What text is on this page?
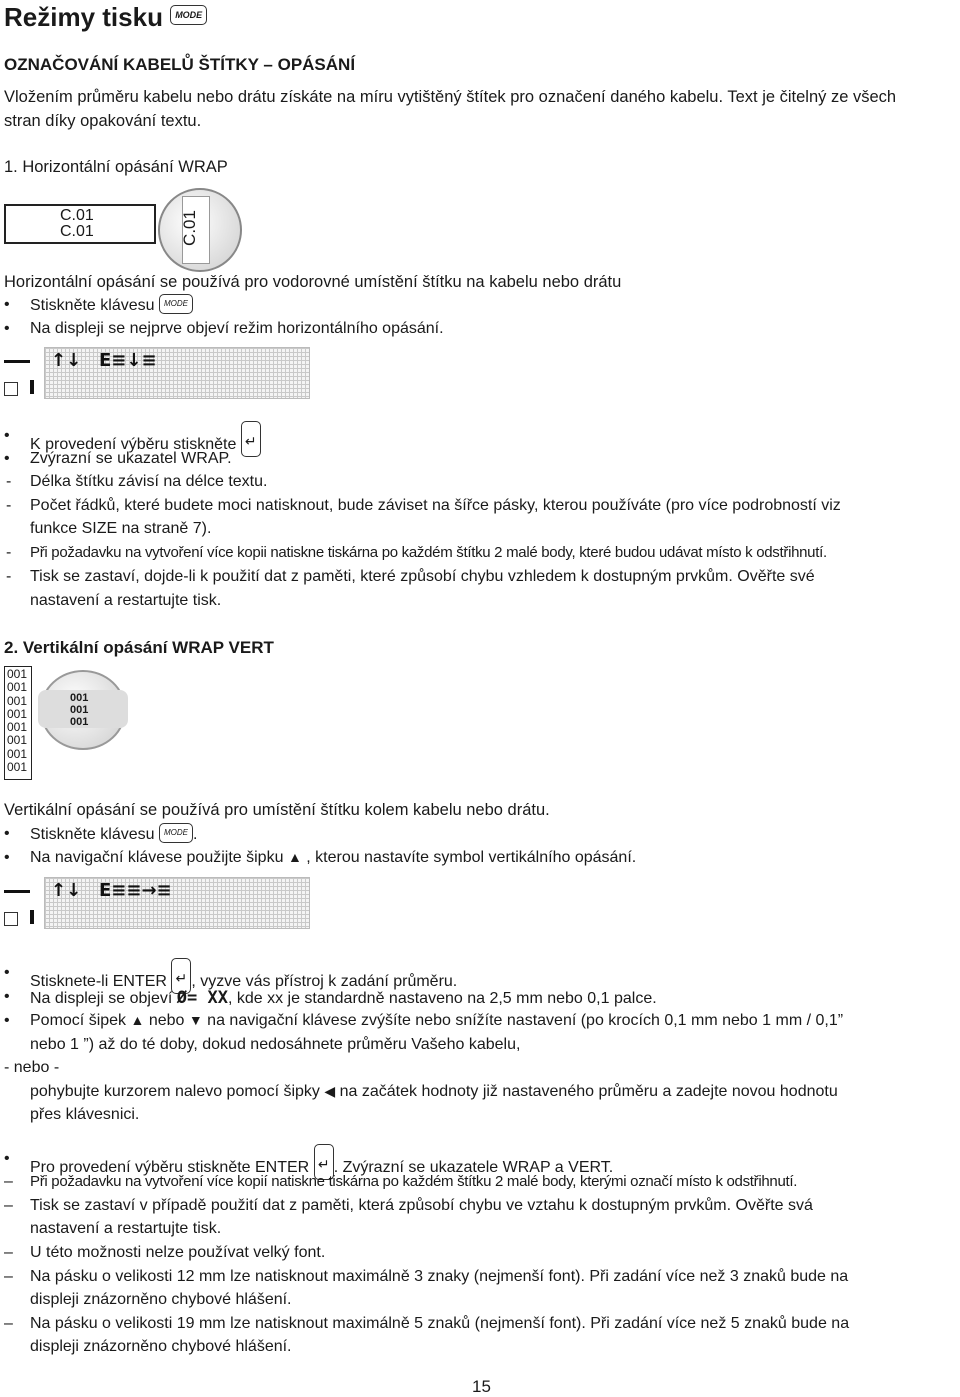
Režimy tisku MODE
OZNAČOVÁNÍ KABELŮ ŠTÍTKY – OPÁSÁNÍ
Vložením průměru kabelu nebo drátu získáte na míru vytištěný štítek pro označení daného kabelu. Text je čitelný ze všech
stran díky opakování textu.
1. Horizontální opásání WRAP
C.01
C.01	C.01
Horizontální opásání se používá pro vodorovné umístění štítku na kabelu nebo drátu
• Stiskněte klávesu MODE
• Na displeji se nejprve objeví režim horizontálního opásání.
↑↓ E≡↓≡
•
K provedení výběru stiskněte ↵
• Zvýrazní se ukazatel WRAP.
- Délka štítku závisí na délce textu.
- Počet řádků, které budete moci natisknout, bude záviset na šířce pásky, kterou používáte (pro více podrobností viz
funkce SIZE na straně 7).
- Při požadavku na vytvoření více kopii natiskne tiskárna po každém štítku 2 malé body, které budou udávat místo k odstřihnutí.
- Tisk se zastaví, dojde-li k použití dat z paměti, které způsobí chybu vzhledem k dostupným prvkům. Ověřte své
nastavení a restartujte tisk.
2. Vertikální opásání WRAP VERT
001
001
001
001
001
001
001
001
001
001
001
Vertikální opásání se používá pro umístění štítku kolem kabelu nebo drátu.
• Stiskněte klávesu MODE .
• Na navigační klávese použijte šipku ▲ , kterou nastavíte symbol vertikálního opásání.
↑↓ E≡≡→≡
•
Stisknete-li ENTER ↵ , vyzve vás přístroj k zadání průměru.
• Na displeji se objeví Ø= XX, kde xx je standardně nastaveno na 2,5 mm nebo 0,1 palce.
• Pomocí šipek ▲ nebo ▼ na navigační klávese zvýšíte nebo snížíte nastavení (po krocích 0,1 mm nebo 1 mm / 0,1”
nebo 1 ”) až do té doby, dokud nedosáhnete průměru Vašeho kabelu,
- nebo -
pohybujte kurzorem nalevo pomocí šipky ◀ na začátek hodnoty již nastaveného průměru a zadejte novou hodnotu
přes klávesnici.
•
Pro provedení výběru stiskněte ENTER ↵ . Zvýrazní se ukazatele WRAP a VERT.
– Při požadavku na vytvoření více kopií natiskne tiskárna po každém štítku 2 malé body, kterými označí místo k odstřihnutí.
– Tisk se zastaví v případě použití dat z paměti, která způsobí chybu ve vztahu k dostupným prvkům. Ověřte svá
nastavení a restartujte tisk.
– U této možnosti nelze používat velký font.
– Na pásku o velikosti 12 mm lze natisknout maximálně 3 znaky (nejmenší font). Při zadání více než 3 znaků bude na
displeji znázorněno chybové hlášení.
– Na pásku o velikosti 19 mm lze natisknout maximálně 5 znaků (nejmenší font). Při zadání více než 5 znaků bude na
displeji znázorněno chybové hlášení.
15
